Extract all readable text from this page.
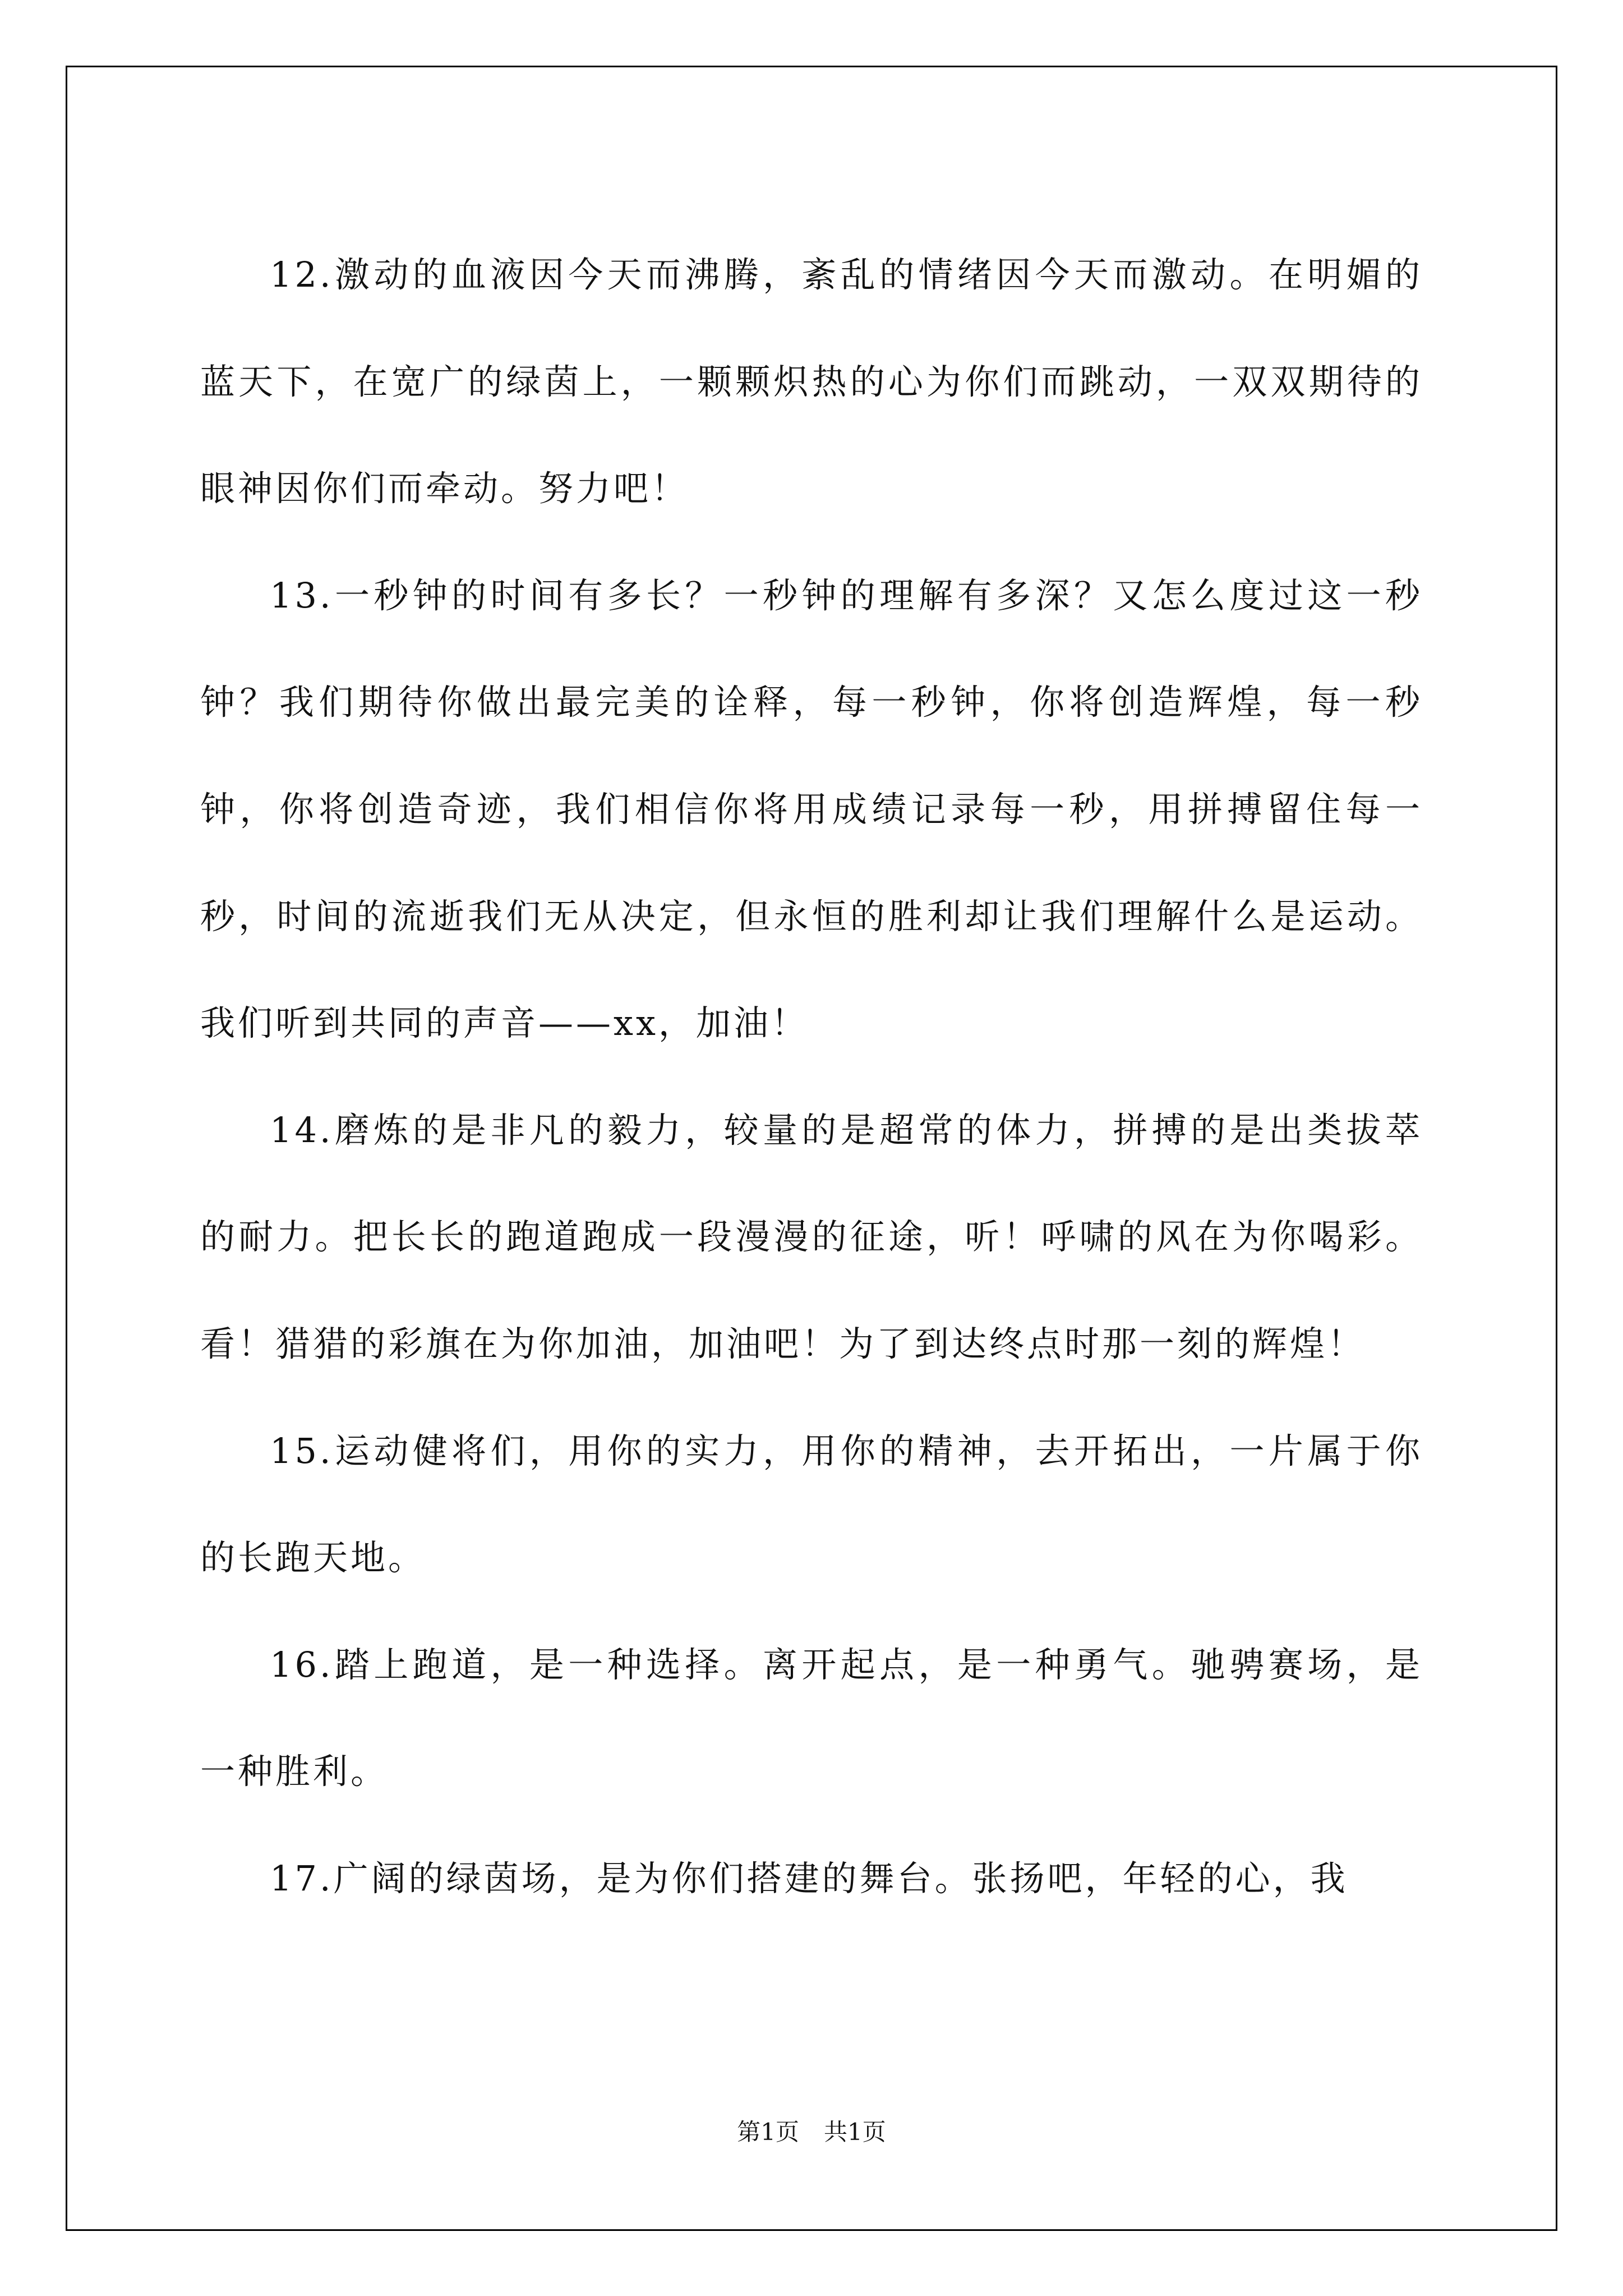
12.激动的血液因今天而沸腾，紊乱的情绪因今天而激动。在明媚的蓝天下，在宽广的绿茵上，一颗颗炽热的心为你们而跳动，一双双期待的眼神因你们而牵动。努力吧！

13.一秒钟的时间有多长？一秒钟的理解有多深？又怎么度过这一秒钟？我们期待你做出最完美的诠释，每一秒钟，你将创造辉煌，每一秒钟，你将创造奇迹，我们相信你将用成绩记录每一秒，用拼搏留住每一秒，时间的流逝我们无从决定，但永恒的胜利却让我们理解什么是运动。我们听到共同的声音——xx，加油！

14.磨炼的是非凡的毅力，较量的是超常的体力，拼搏的是出类拔萃的耐力。把长长的跑道跑成一段漫漫的征途，听！呼啸的风在为你喝彩。看！猎猎的彩旗在为你加油，加油吧！为了到达终点时那一刻的辉煌！

15.运动健将们，用你的实力，用你的精神，去开拓出，一片属于你的长跑天地。

16.踏上跑道，是一种选择。离开起点，是一种勇气。驰骋赛场，是一种胜利。

17.广阔的绿茵场，是为你们搭建的舞台。张扬吧，年轻的心，我

第1页 共1页
